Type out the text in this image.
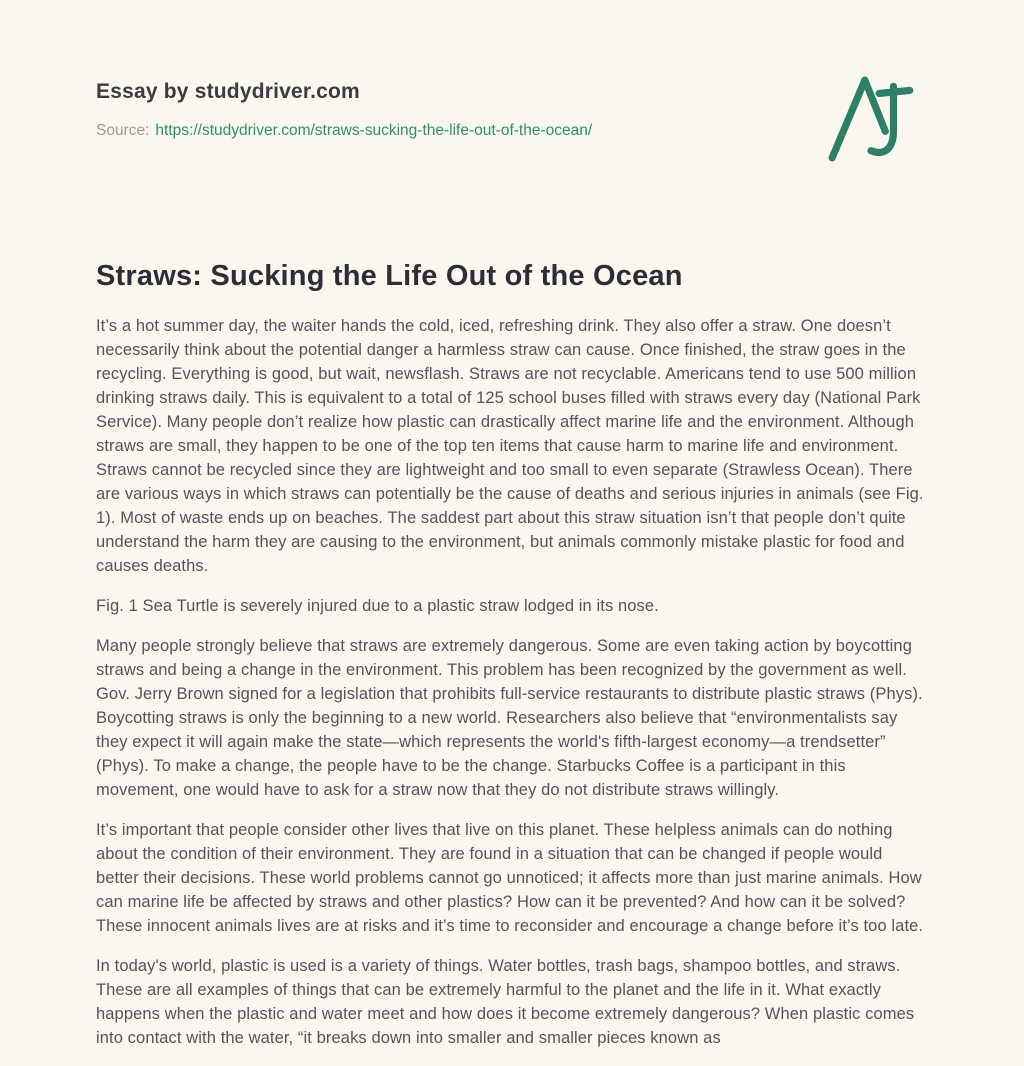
Essay by studydriver.com
Source: https://studydriver.com/straws-sucking-the-life-out-of-the-ocean/
Straws: Sucking the Life Out of the Ocean

It’s a hot summer day, the waiter hands the cold, iced, refreshing drink. They also offer a straw. One doesn’t necessarily think about the potential danger a harmless straw can cause. Once finished, the straw goes in the recycling. Everything is good, but wait, newsflash. Straws are not recyclable. Americans tend to use 500 million drinking straws daily. This is equivalent to a total of 125 school buses filled with straws every day (National Park Service). Many people don’t realize how plastic can drastically affect marine life and the environment. Although straws are small, they happen to be one of the top ten items that cause harm to marine life and environment. Straws cannot be recycled since they are lightweight and too small to even separate (Strawless Ocean). There are various ways in which straws can potentially be the cause of deaths and serious injuries in animals (see Fig. 1). Most of waste ends up on beaches. The saddest part about this straw situation isn’t that people don’t quite understand the harm they are causing to the environment, but animals commonly mistake plastic for food and causes deaths.

Fig. 1 Sea Turtle is severely injured due to a plastic straw lodged in its nose.

Many people strongly believe that straws are extremely dangerous. Some are even taking action by boycotting straws and being a change in the environment. This problem has been recognized by the government as well. Gov. Jerry Brown signed for a legislation that prohibits full-service restaurants to distribute plastic straws (Phys). Boycotting straws is only the beginning to a new world. Researchers also believe that “environmentalists say they expect it will again make the state—which represents the world's fifth-largest economy—a trendsetter” (Phys). To make a change, the people have to be the change. Starbucks Coffee is a participant in this movement, one would have to ask for a straw now that they do not distribute straws willingly.

It’s important that people consider other lives that live on this planet. These helpless animals can do nothing about the condition of their environment. They are found in a situation that can be changed if people would better their decisions. These world problems cannot go unnoticed; it affects more than just marine animals. How can marine life be affected by straws and other plastics? How can it be prevented? And how can it be solved? These innocent animals lives are at risks and it’s time to reconsider and encourage a change before it’s too late.

In today's world, plastic is used is a variety of things. Water bottles, trash bags, shampoo bottles, and straws. These are all examples of things that can be extremely harmful to the planet and the life in it. What exactly happens when the plastic and water meet and how does it become extremely dangerous? When plastic comes into contact with the water, “it breaks down into smaller and smaller pieces known as
